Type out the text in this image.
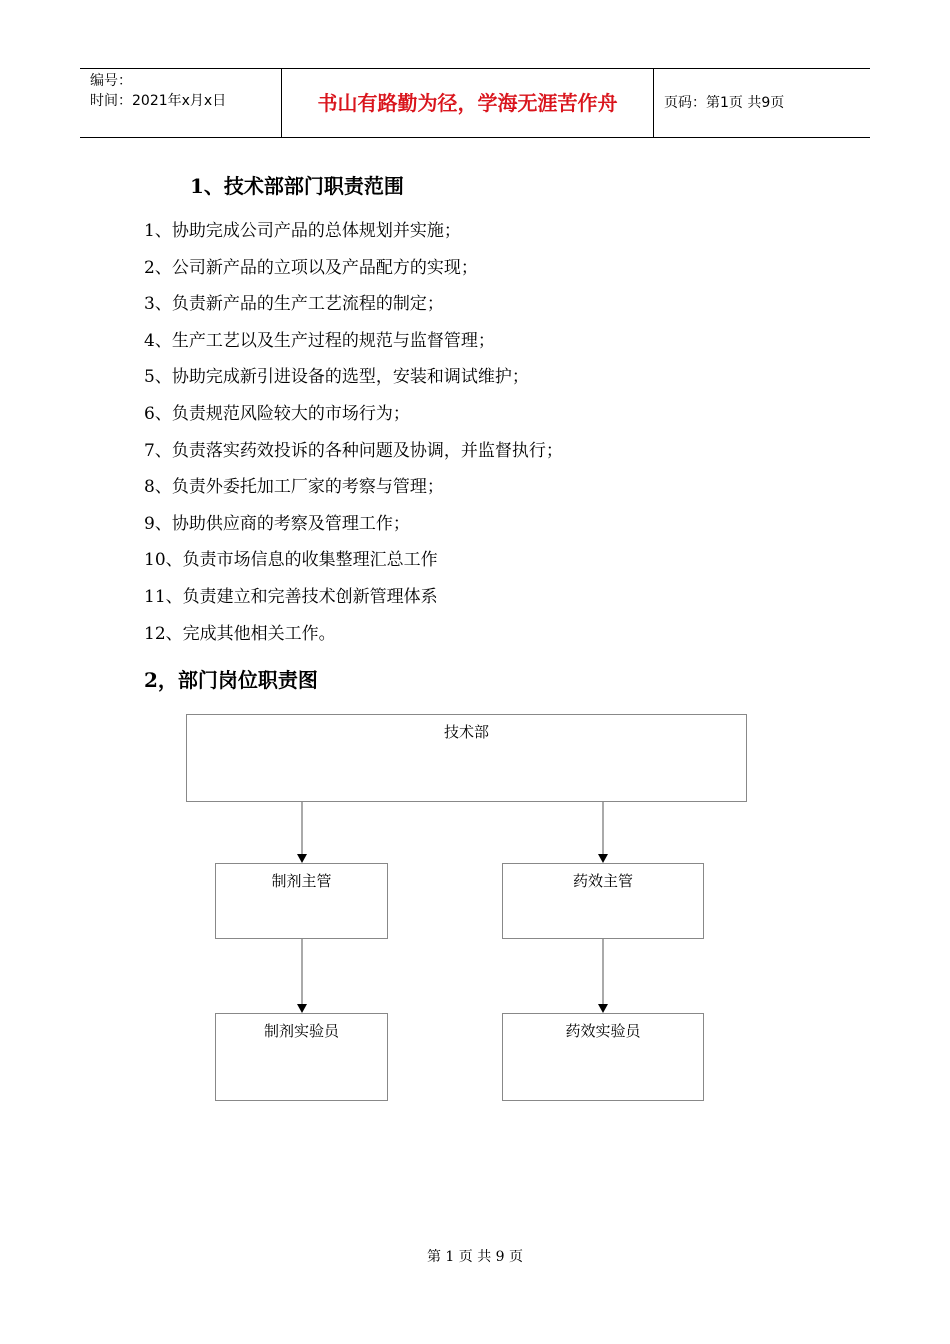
编号：
时间：2021年x月x日	书山有路勤为径，学海无涯苦作舟	页码：第1页 共9页
1、技术部部门职责范围
1、协助完成公司产品的总体规划并实施；
2、公司新产品的立项以及产品配方的实现；
3、负责新产品的生产工艺流程的制定；
4、生产工艺以及生产过程的规范与监督管理；
5、协助完成新引进设备的选型，安装和调试维护；
6、负责规范风险较大的市场行为；
7、负责落实药效投诉的各种问题及协调，并监督执行；
8、负责外委托加工厂家的考察与管理；
9、协助供应商的考察及管理工作；
10、负责市场信息的收集整理汇总工作
11、负责建立和完善技术创新管理体系
12、完成其他相关工作。
2，部门岗位职责图
技术部
制剂主管	药效主管
制剂实验员	药效实验员
第 1 页 共 9 页
